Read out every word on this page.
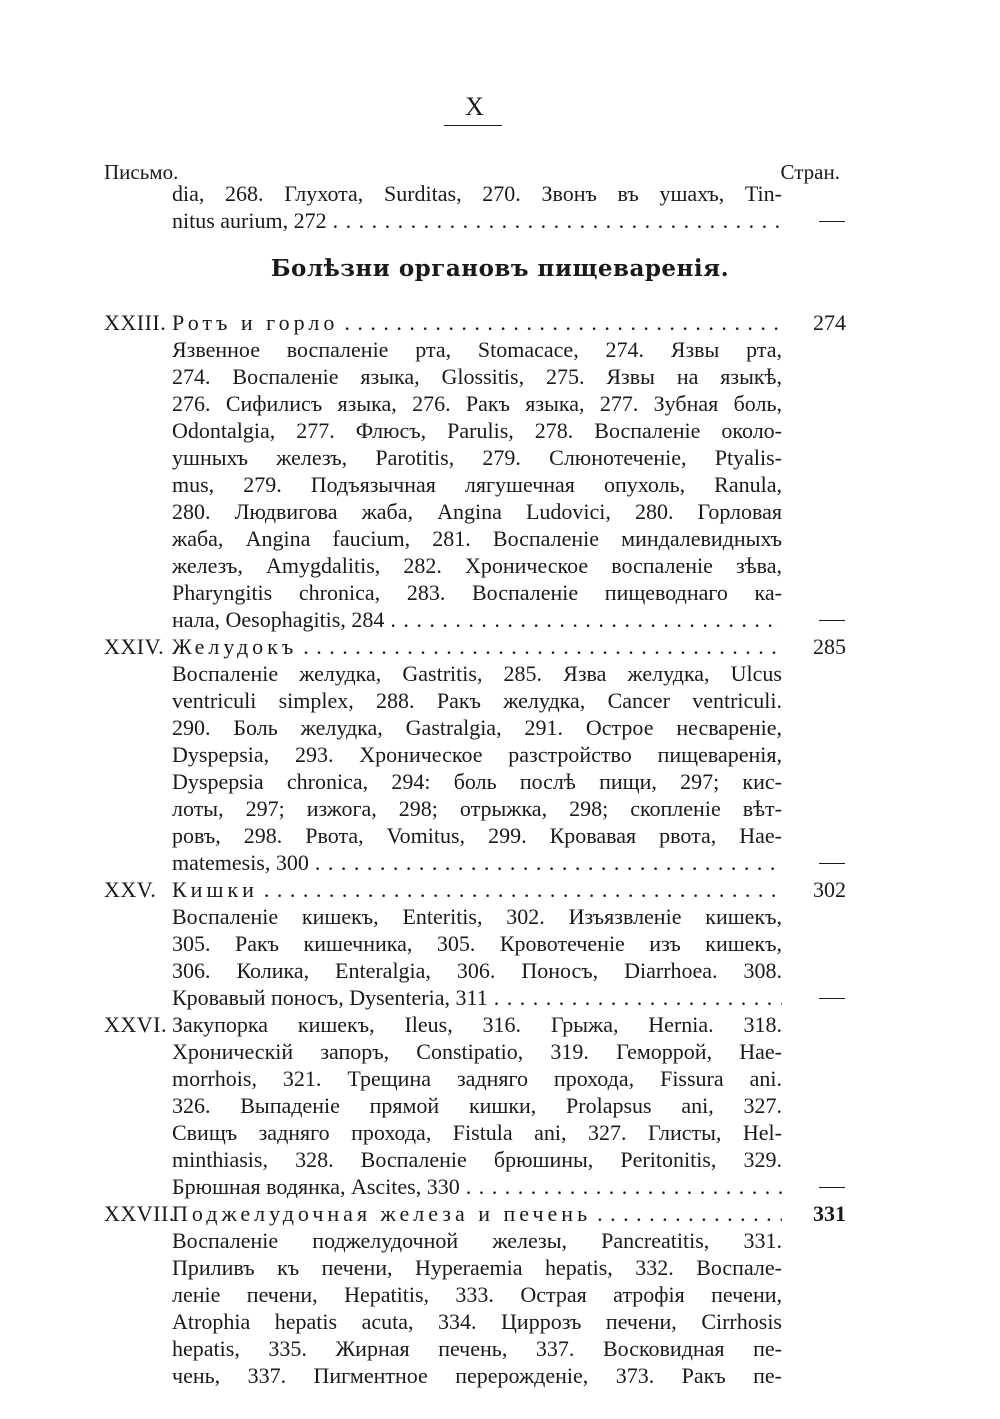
X
Письмо.	Стран.
dia, 268. Глухота, Surditas, 270. Звонъ въ ушахъ, Tin-
nitus aurium, 272
. . .
Болѣзни органовъ пищеваренія.
XXIII. Ротъ и горло . . .	274
Язвенное воспаленіе рта, Stomacace, 274. Язвы рта,
274. Воспаленіе языка, Glossitis, 275. Язвы на языкѣ,
276. Сифилисъ языка, 276. Ракъ языка, 277. Зубная боль,
Odontalgia, 277. Флюсъ, Parulis, 278. Воспаленіе около-
ушныхъ железъ, Parotitis, 279. Слюнотеченіе, Ptyalis-
mus, 279. Подъязычная лягушечная опухоль, Ranula,
280. Людвигова жаба, Angina Ludovici, 280. Горловая
жаба, Angina faucium, 281. Воспаленіе миндалевидныхъ
железъ, Amygdalitis, 282. Хроническое воспаленіе зѣва,
Pharyngitis chronica, 283. Воспаленіе пищеводнаго ка-
нала, Oesophagitis, 284
. . .
XXIV. Желудокъ . . .	285
Воспаленіе желудка, Gastritis, 285. Язва желудка, Ulcus
ventriculi simplex, 288. Ракъ желудка, Cancer ventriculi.
290. Боль желудка, Gastralgia, 291. Острое несвареніе,
Dyspepsia, 293. Хроническое разстройство пищеваренія,
Dyspepsia chronica, 294: боль послѣ пищи, 297; кис-
лоты, 297; изжога, 298; отрыжка, 298; скопленіе вѣт-
ровъ, 298. Рвота, Vomitus, 299. Кровавая рвота, Hae-
matemesis, 300
. . .
XXV. Кишки . . .	302
Воспаленіе кишекъ, Enteritis, 302. Изъязвленіе кишекъ,
305. Ракъ кишечника, 305. Кровотеченіе изъ кишекъ,
306. Колика, Enteralgia, 306. Поносъ, Diarrhoea. 308.
Кровавый поносъ, Dysenteria, 311
. . .
XXVI. Закупорка кишекъ, Ileus, 316. Грыжа, Hernia. 318.
Хроническій запоръ, Constipatio, 319. Геморрой, Hae-
morrhois, 321. Трещина задняго прохода, Fissura ani.
326. Выпаденіе прямой кишки, Prolapsus ani, 327.
Свищъ задняго прохода, Fistula ani, 327. Глисты, Hel-
minthiasis, 328. Воспаленіе брюшины, Peritonitis, 329.
Брюшная водянка, Ascites, 330
. . .
XXVII.
Поджелудочная железа и печень . . .	331
Воспаленіе поджелудочной железы, Pancreatitis, 331.
Приливъ къ печени, Hyperaemia hepatis, 332. Воспале-
леніе печени, Hepatitis, 333. Острая атрофія печени,
Atrophia hepatis acuta, 334. Циррозъ печени, Cirrhosis
hepatis, 335. Жирная печень, 337. Восковидная пе-
чень, 337. Пигментное перерожденіе, 373. Ракъ пе-
